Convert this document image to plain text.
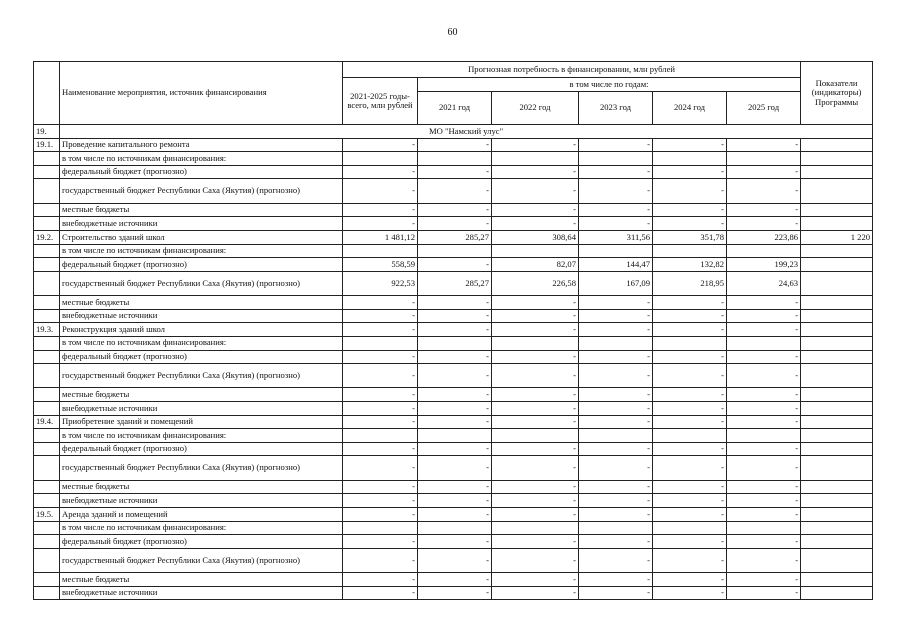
60
	Наименование мероприятия, источник финансирования	Прогнозная потребность в финансировании, млн рублей						Показатели (индикаторы) Программы
		2021-2025 годы- всего, млн рублей	в том числе по годам:					
			2021 год	2022 год	2023 год	2024 год	2025 год	
19.	МО "Намский улус"							
19.1.	Проведение капитального ремонта	-	-	-	-	-	-	
	в том числе по источникам финансирования:							
	федеральный бюджет (прогнозно)	-	-	-	-	-	-	
	государственный бюджет Республики Саха (Якутия) (прогнозно)	-	-	-	-	-	-	
	местные бюджеты	-	-	-	-	-	-	
	внебюджетные источники	-	-	-	-	-	-	
19.2.	Строительство зданий школ	1 481,12	285,27	308,64	311,56	351,78	223,86	1 220
	в том числе по источникам финансирования:							
	федеральный бюджет (прогнозно)	558,59	-	82,07	144,47	132,82	199,23	
	государственный бюджет Республики Саха (Якутия) (прогнозно)	922,53	285,27	226,58	167,09	218,95	24,63	
	местные бюджеты	-	-	-	-	-	-	
	внебюджетные источники	-	-	-	-	-	-	
19.3.	Реконструкция зданий школ	-	-	-	-	-	-	
	в том числе по источникам финансирования:							
	федеральный бюджет (прогнозно)	-	-	-	-	-	-	
	государственный бюджет Республики Саха (Якутия) (прогнозно)	-	-	-	-	-	-	
	местные бюджеты	-	-	-	-	-	-	
	внебюджетные источники	-	-	-	-	-	-	
19.4.	Приобретение зданий и помещений	-	-	-	-	-	-	
	в том числе по источникам финансирования:							
	федеральный бюджет (прогнозно)	-	-	-	-	-	-	
	государственный бюджет Республики Саха (Якутия) (прогнозно)	-	-	-	-	-	-	
	местные бюджеты	-	-	-	-	-	-	
	внебюджетные источники	-	-	-	-	-	-	
19.5.	Аренда зданий и помещений	-	-	-	-	-	-	
	в том числе по источникам финансирования:							
	федеральный бюджет (прогнозно)	-	-	-	-	-	-	
	государственный бюджет Республики Саха (Якутия) (прогнозно)	-	-	-	-	-	-	
	местные бюджеты	-	-	-	-	-	-	
	внебюджетные источники	-	-	-	-	-	-	
